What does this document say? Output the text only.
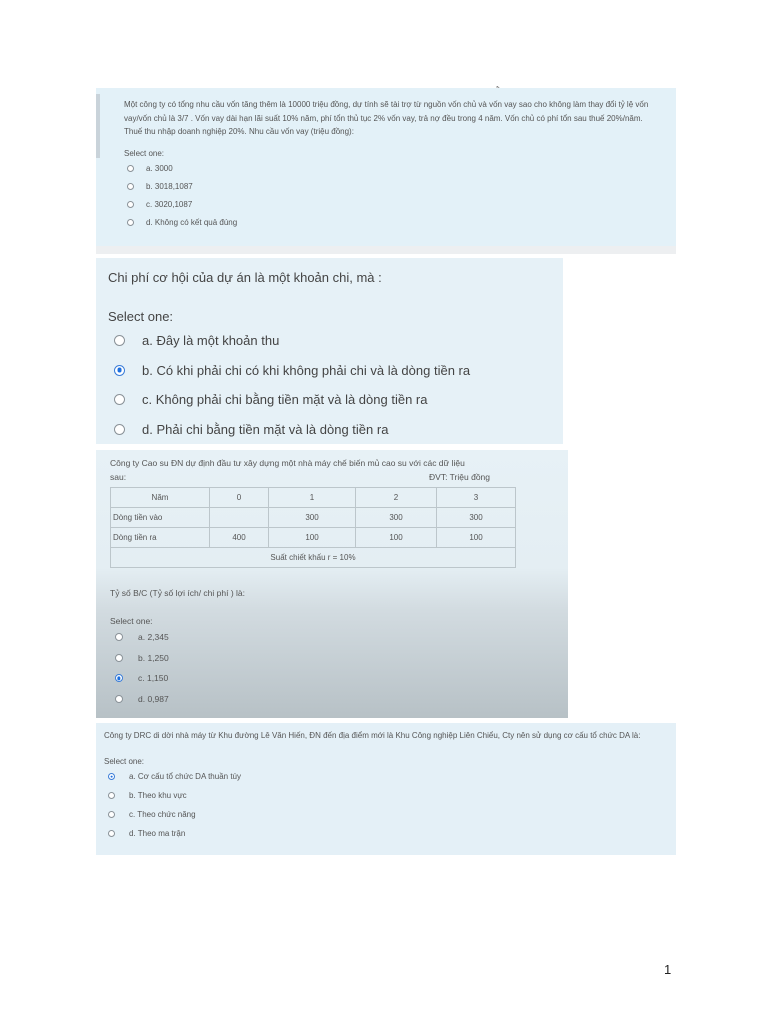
Một công ty có tổng nhu cầu vốn tăng thêm là 10000 triệu đồng, dự tính sẽ tài trợ từ nguồn vốn chủ và vốn vay sao cho không làm thay đổi tỷ lệ vốn vay/vốn chủ là 3/7 . Vốn vay dài hạn lãi suất 10% năm, phí tổn thủ tục 2% vốn vay, trả nợ đều trong 4 năm. Vốn chủ có phí tổn sau thuế 20%/năm. Thuế thu nhập doanh nghiệp 20%. Nhu cầu vốn vay (triệu đồng):
Select one:
a. 3000
b. 3018,1087
c. 3020,1087
d. Không có kết quả đúng
Chi phí cơ hội của dự án là một khoản chi, mà :
Select one:
a. Đây là một khoản thu
b. Có khi phải chi có khi không phải chi và là dòng tiền ra
c. Không phải chi bằng tiền mặt và là dòng tiền ra
d. Phải chi bằng tiền mặt và là dòng tiền ra
Công ty Cao su ĐN dự định đầu tư xây dựng một nhà máy chế biến mủ cao su với các dữ liệu
sau:	ĐVT: Triệu đồng
Năm	0	1	2	3
Dòng tiền vào		300	300	300
Dòng tiền ra	400	100	100	100
Suất chiết khấu r = 10%				
Tỷ số B/C (Tỷ số lợi ích/ chi phí ) là:
Select one:
a. 2,345
b. 1,250
c. 1,150
d. 0,987
Công ty DRC di dời nhà máy từ Khu đường Lê Văn Hiến, ĐN đến địa điểm mới là Khu Công nghiệp Liên Chiểu, Cty nên sử dụng cơ cấu tổ chức DA là:
Select one:
a. Cơ cấu tổ chức DA thuần túy
b. Theo khu vực
c. Theo chức năng
d. Theo ma trận
1
